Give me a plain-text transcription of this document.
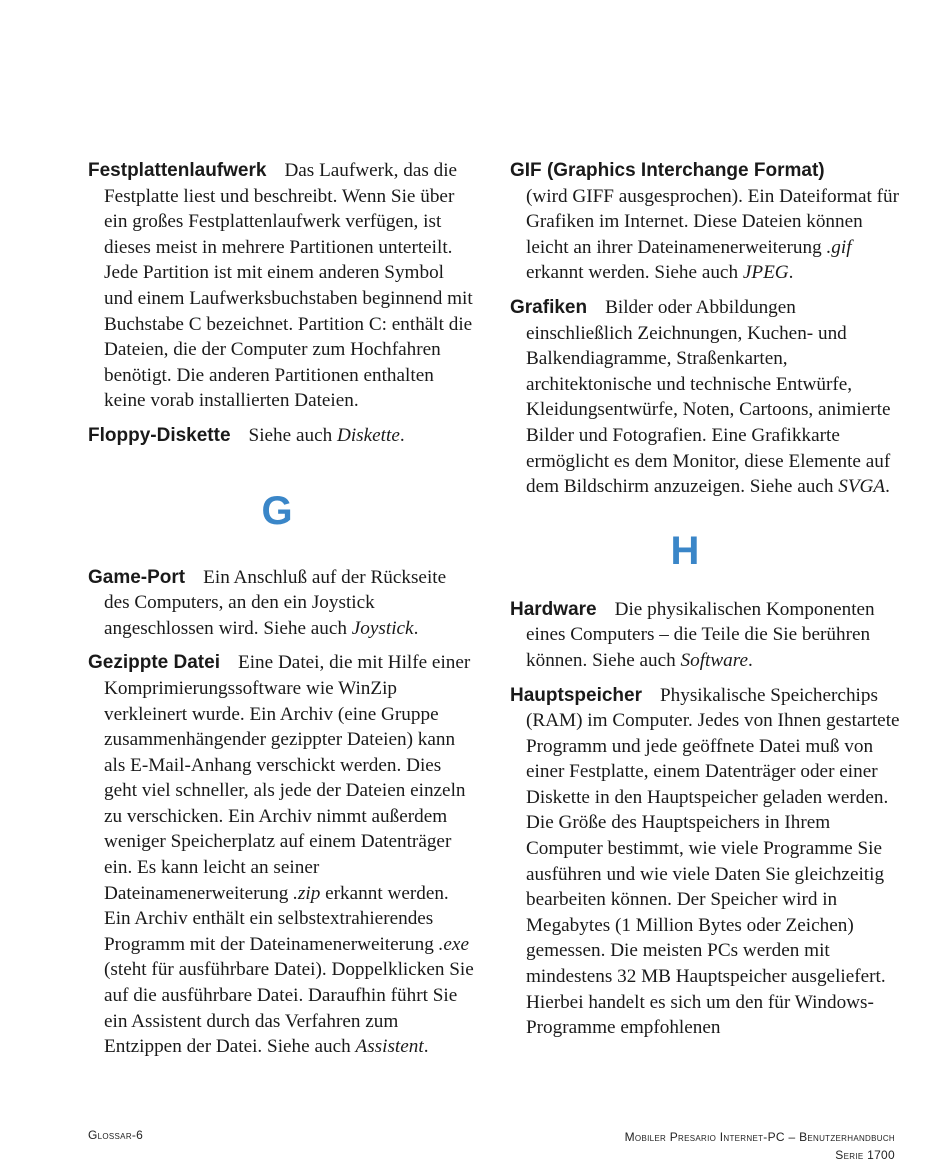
Festplattenlaufwerk Das Laufwerk, das die Festplatte liest und beschreibt. Wenn Sie über ein großes Festplattenlaufwerk verfügen, ist dieses meist in mehrere Partitionen unterteilt. Jede Partition ist mit einem anderen Symbol und einem Laufwerksbuchstaben beginnend mit Buchstabe C bezeichnet. Partition C: enthält die Dateien, die der Computer zum Hochfahren benötigt. Die anderen Partitionen enthalten keine vorab installierten Dateien.

Floppy-Diskette Siehe auch Diskette.

G

Game-Port Ein Anschluß auf der Rückseite des Computers, an den ein Joystick angeschlossen wird. Siehe auch Joystick.

Gezippte Datei Eine Datei, die mit Hilfe einer Komprimierungssoftware wie WinZip verkleinert wurde. Ein Archiv (eine Gruppe zusammenhängender gezippter Dateien) kann als E-Mail-Anhang verschickt werden. Dies geht viel schneller, als jede der Dateien einzeln zu verschicken. Ein Archiv nimmt außerdem weniger Speicherplatz auf einem Datenträger ein. Es kann leicht an seiner Dateinamenerweiterung .zip erkannt werden. Ein Archiv enthält ein selbstextrahierendes Programm mit der Dateinamenerweiterung .exe (steht für ausführbare Datei). Doppelklicken Sie auf die ausführbare Datei. Daraufhin führt Sie ein Assistent durch das Verfahren zum Entzippen der Datei. Siehe auch Assistent.

GIF (Graphics Interchange Format)
(wird GIFF ausgesprochen). Ein Dateiformat für Grafiken im Internet. Diese Dateien können leicht an ihrer Dateinamenerweiterung .gif erkannt werden. Siehe auch JPEG.

Grafiken Bilder oder Abbildungen einschließlich Zeichnungen, Kuchen- und Balkendiagramme, Straßenkarten, architektonische und technische Entwürfe, Kleidungsentwürfe, Noten, Cartoons, animierte Bilder und Fotografien. Eine Grafikkarte ermöglicht es dem Monitor, diese Elemente auf dem Bildschirm anzuzeigen. Siehe auch SVGA.

H

Hardware Die physikalischen Komponenten eines Computers – die Teile die Sie berühren können. Siehe auch Software.

Hauptspeicher Physikalische Speicherchips (RAM) im Computer. Jedes von Ihnen gestartete Programm und jede geöffnete Datei muß von einer Festplatte, einem Datenträger oder einer Diskette in den Hauptspeicher geladen werden. Die Größe des Hauptspeichers in Ihrem Computer bestimmt, wie viele Programme Sie ausführen und wie viele Daten Sie gleichzeitig bearbeiten können. Der Speicher wird in Megabytes (1 Million Bytes oder Zeichen) gemessen. Die meisten PCs werden mit mindestens 32 MB Hauptspeicher ausgeliefert. Hierbei handelt es sich um den für Windows-Programme empfohlenen

Glossar-6	Mobiler Presario Internet-PC – Benutzerhandbuch
Serie 1700
